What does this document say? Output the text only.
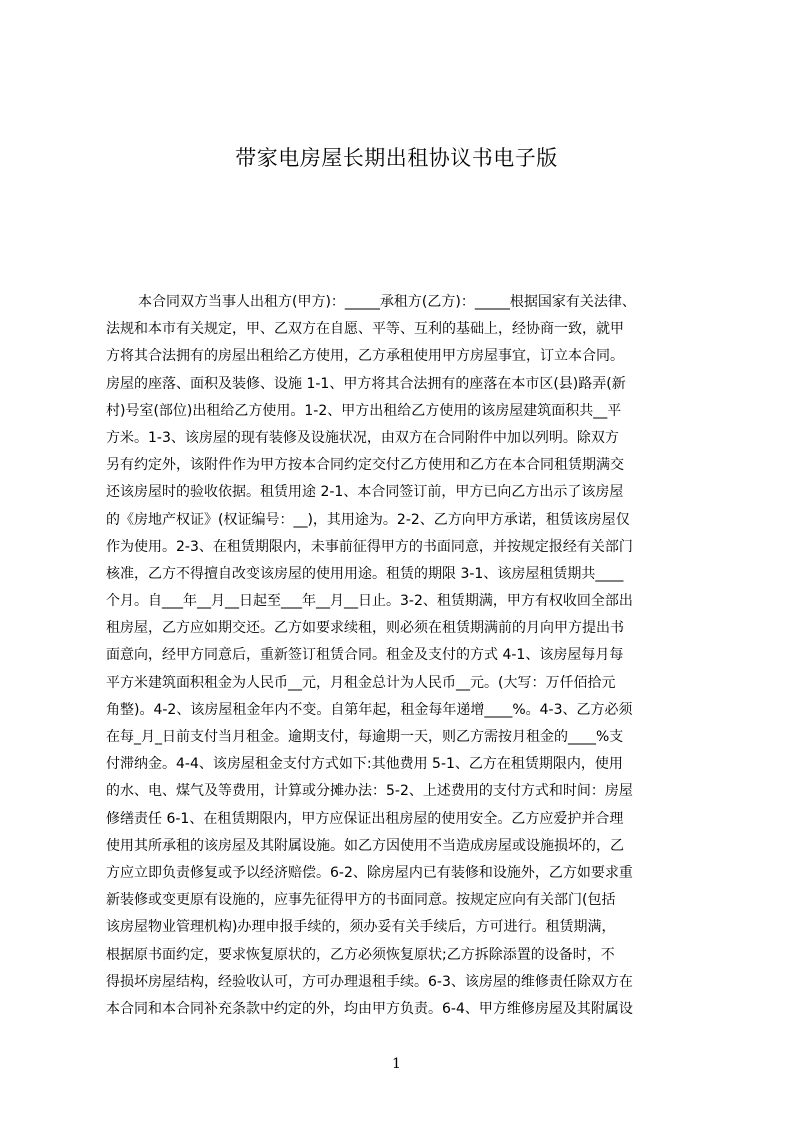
带家电房屋长期出租协议书电子版
本合同双方当事人出租方(甲方)：_____承租方(乙方)：_____根据国家有关法律、
法规和本市有关规定，甲、乙双方在自愿、平等、互利的基础上，经协商一致，就甲
方将其合法拥有的房屋出租给乙方使用，乙方承租使用甲方房屋事宜，订立本合同。
房屋的座落、面积及装修、设施 1-1、甲方将其合法拥有的座落在本市区(县)路弄(新
村)号室(部位)出租给乙方使用。1-2、甲方出租给乙方使用的该房屋建筑面积共__平
方米。1-3、该房屋的现有装修及设施状况，由双方在合同附件中加以列明。除双方
另有约定外，该附件作为甲方按本合同约定交付乙方使用和乙方在本合同租赁期满交
还该房屋时的验收依据。租赁用途 2-1、本合同签订前，甲方已向乙方出示了该房屋
的《房地产权证》(权证编号：__)，其用途为。2-2、乙方向甲方承诺，租赁该房屋仅
作为使用。2-3、在租赁期限内，未事前征得甲方的书面同意，并按规定报经有关部门
核准，乙方不得擅自改变该房屋的使用用途。租赁的期限 3-1、该房屋租赁期共____
个月。自___年__月__日起至___年__月__日止。3-2、租赁期满，甲方有权收回全部出
租房屋，乙方应如期交还。乙方如要求续租，则必须在租赁期满前的月向甲方提出书
面意向，经甲方同意后，重新签订租赁合同。租金及支付的方式 4-1、该房屋每月每
平方米建筑面积租金为人民币__元，月租金总计为人民币__元。(大写：万仟佰拾元
角整)。4-2、该房屋租金年内不变。自第年起，租金每年递增____%。4-3、乙方必须
在每_月_日前支付当月租金。逾期支付，每逾期一天，则乙方需按月租金的____%支
付滞纳金。4-4、该房屋租金支付方式如下:其他费用 5-1、乙方在租赁期限内，使用
的水、电、煤气及等费用，计算或分摊办法：5-2、上述费用的支付方式和时间：房屋
修缮责任 6-1、在租赁期限内，甲方应保证出租房屋的使用安全。乙方应爱护并合理
使用其所承租的该房屋及其附属设施。如乙方因使用不当造成房屋或设施损坏的，乙
方应立即负责修复或予以经济赔偿。6-2、除房屋内已有装修和设施外，乙方如要求重
新装修或变更原有设施的，应事先征得甲方的书面同意。按规定应向有关部门(包括
该房屋物业管理机构)办理申报手续的，须办妥有关手续后，方可进行。租赁期满，
根据原书面约定，要求恢复原状的，乙方必须恢复原状;乙方拆除添置的设备时，不
得损坏房屋结构，经验收认可，方可办理退租手续。6-3、该房屋的维修责任除双方在
本合同和本合同补充条款中约定的外，均由甲方负责。6-4、甲方维修房屋及其附属设
1
